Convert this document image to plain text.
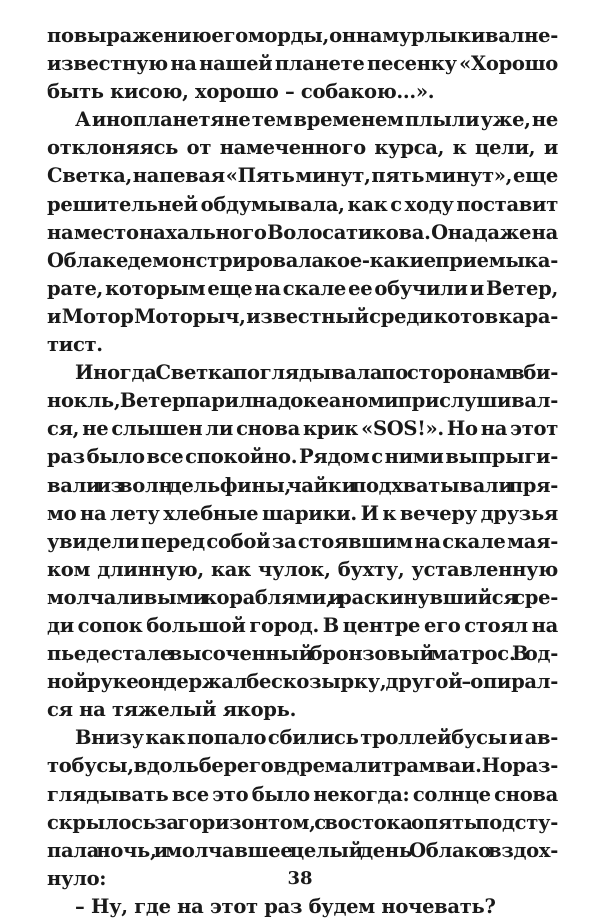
по выражению его морды, он намурлыкивал не-
известную на нашей планете песенку «Хорошо
быть кисою, хорошо – собакою...».
А инопланетяне тем временем плыли уже, не
отклоняясь от намеченного курса, к цели, и
Светка, напевая «Пять минут, пять минут», еще
решительней обдумывала, как с ходу поставит
на место нахального Волосатикова. Она даже на
Облаке демонстрировала кое-какие приемы ка-
рате, которым еще на скале ее обучили и Ветер,
и Мотор Моторыч, известный среди котов кара-
тист.
Иногда Светка поглядывала по сторонам в би-
нокль, Ветер парил над океаном и прислушивал-
ся, не слышен ли снова крик «SOS!». Но на этот
раз было все спокойно. Рядом с ними выпрыги-
вали из волн дельфины, чайки подхватывали пря-
мо на лету хлебные шарики. И к вечеру друзья
увидели перед собой за стоявшим на скале мая-
ком длинную, как чулок, бухту, уставленную
молчаливыми кораблями, и раскинувшийся сре-
ди сопок большой город. В центре его стоял на
пьедестале высоченный бронзовый матрос. В од-
ной руке он держал бескозырку, другой – опирал-
ся на тяжелый якорь.
Внизу как попало сбились троллейбусы и ав-
тобусы, вдоль берегов дремали трамваи. Но раз-
глядывать все это было некогда: солнце снова
скрылось за горизонтом, с востока опять подсту-
пала ночь, и молчавшее целый день Облако вздох-
нуло:
– Ну, где на этот раз будем ночевать?
38
